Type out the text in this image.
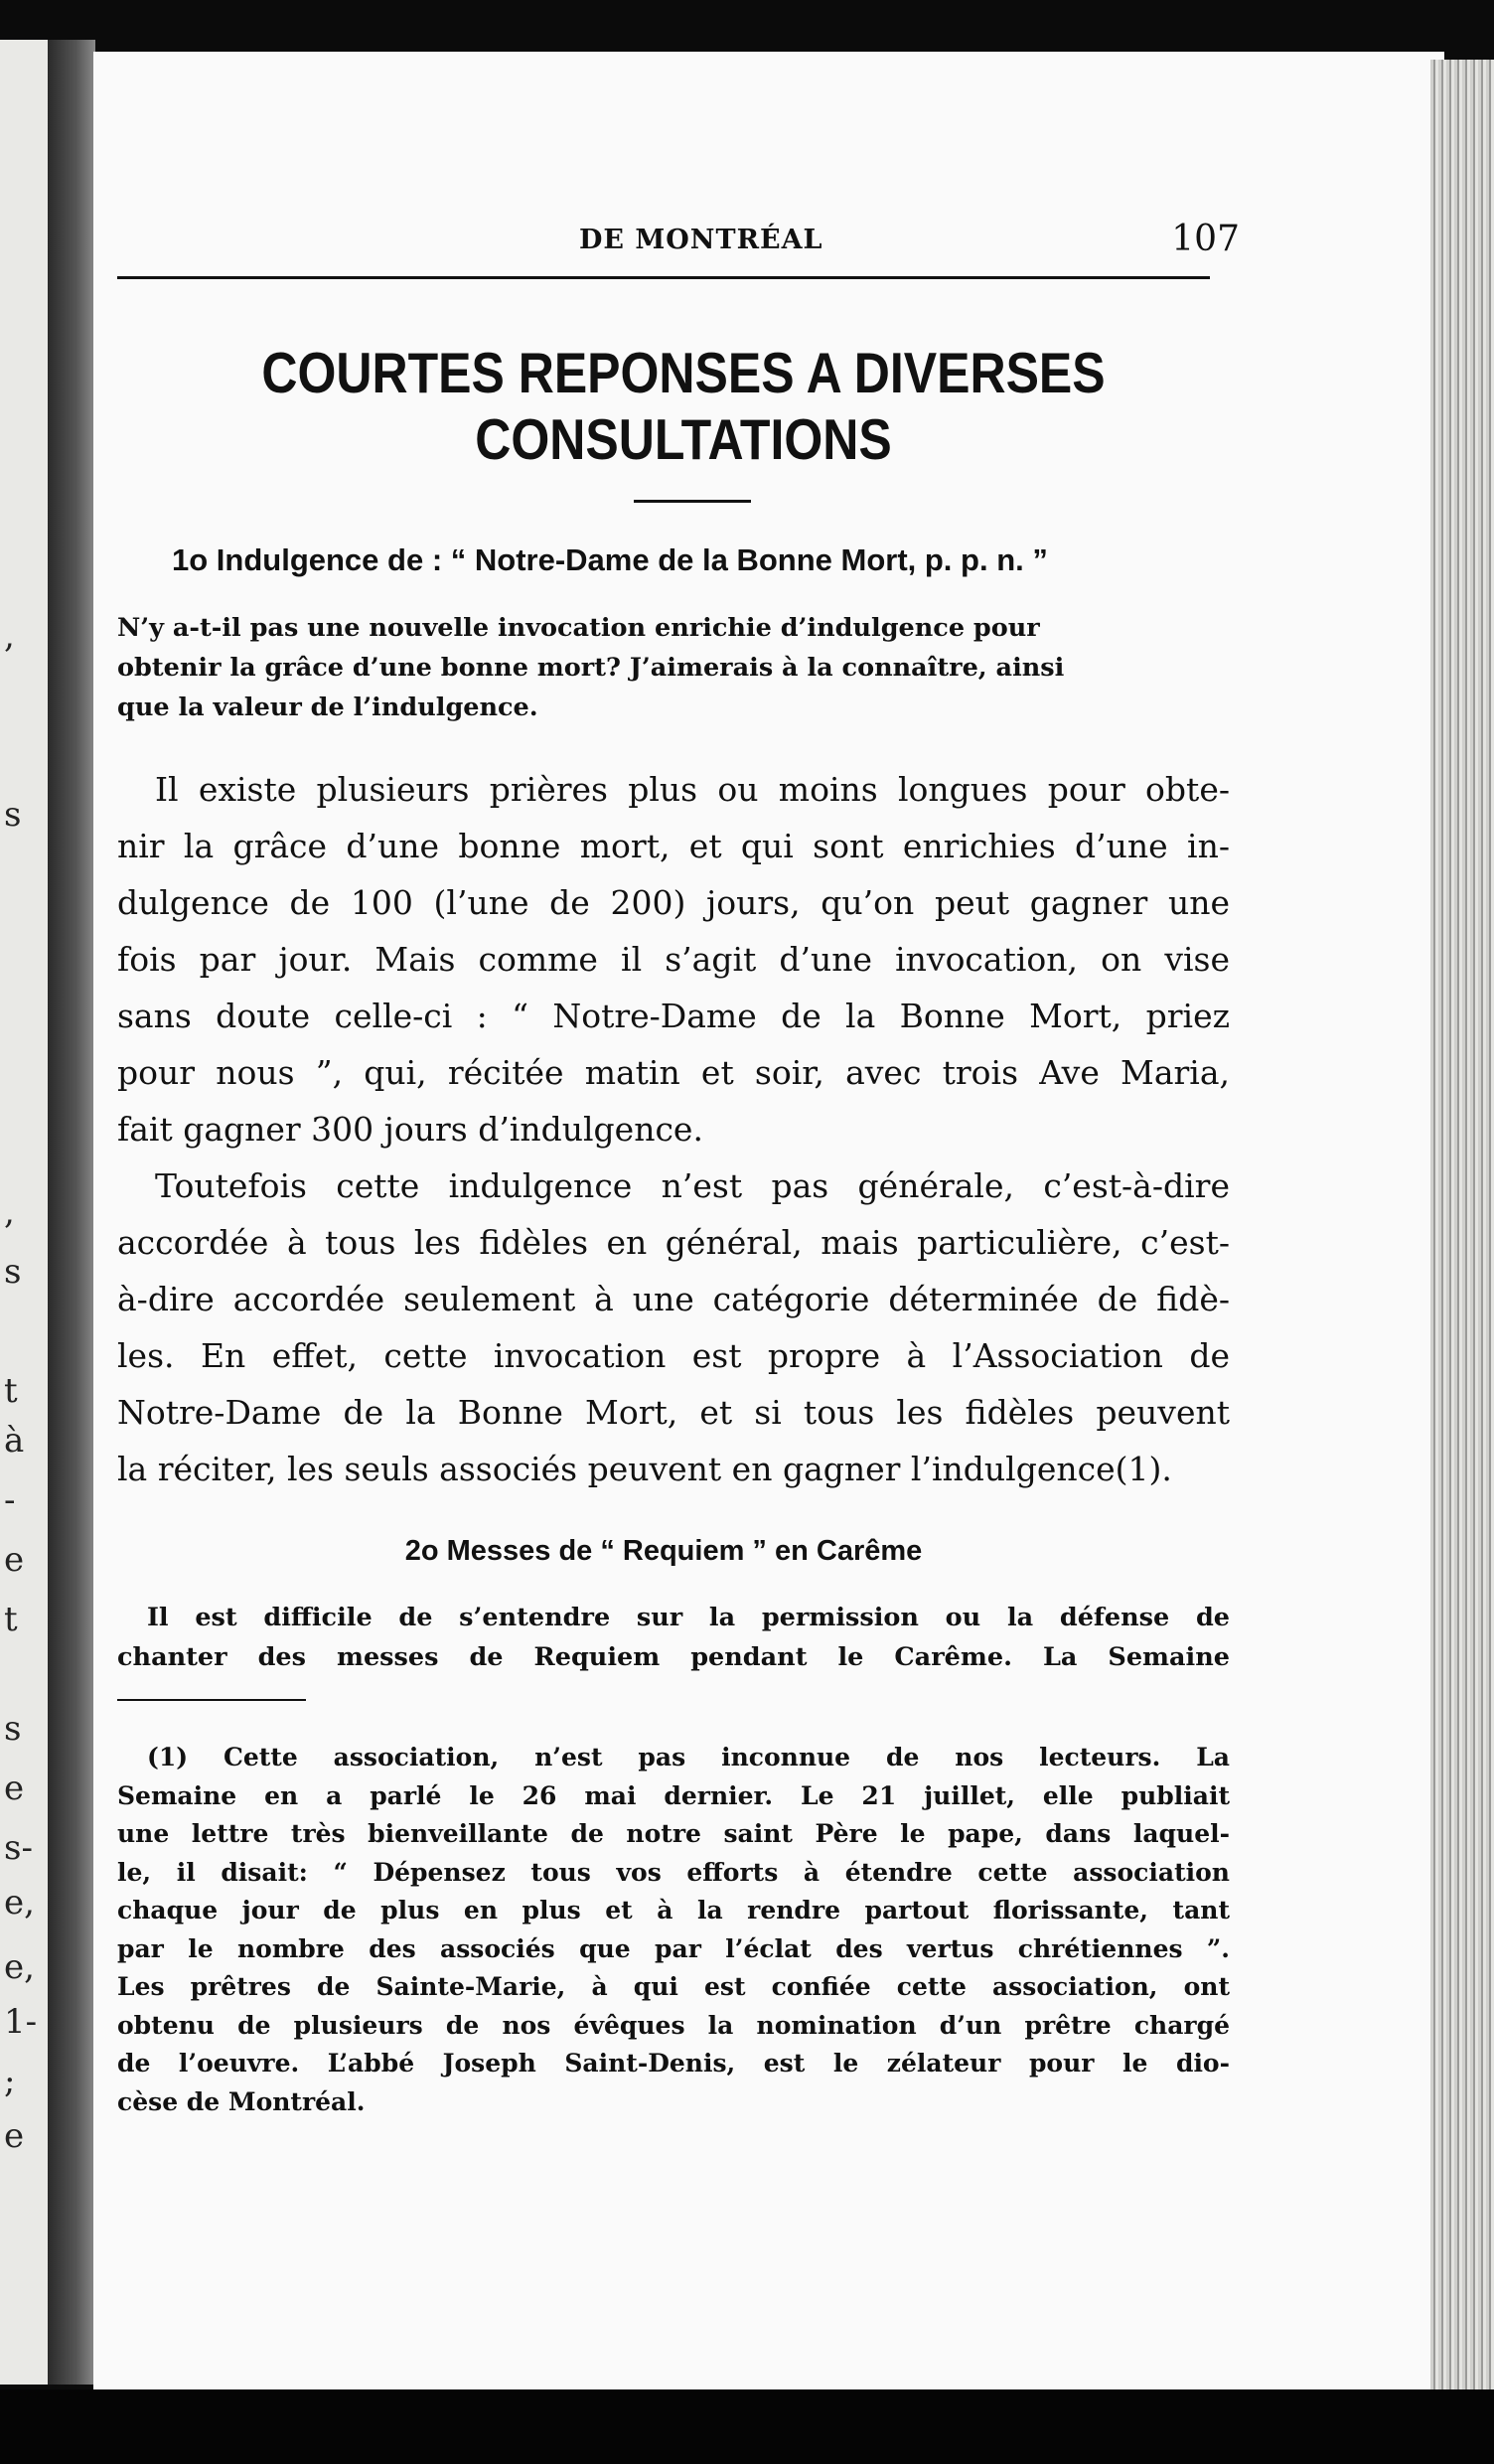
,
s
,
s
t
à
-
e
t
s
e
s-
e,
e,
1-
;
e
DE MONTRÉAL	107
COURTES REPONSES A DIVERSES CONSULTATIONS
1o Indulgence de : “ Notre-Dame de la Bonne Mort, p. p. n. ”
N’y a-t-il pas une nouvelle invocation enrichie d’indulgence pour
obtenir la grâce d’une bonne mort? J’aimerais à la connaître, ainsi
que la valeur de l’indulgence.
Il existe plusieurs prières plus ou moins longues pour obte-
nir la grâce d’une bonne mort, et qui sont enrichies d’une in-
dulgence de 100 (l’une de 200) jours, qu’on peut gagner une
fois par jour. Mais comme il s’agit d’une invocation, on vise
sans doute celle-ci : “ Notre-Dame de la Bonne Mort, priez
pour nous ”, qui, récitée matin et soir, avec trois Ave Maria,
fait gagner 300 jours d’indulgence.
Toutefois cette indulgence n’est pas générale, c’est-à-dire
accordée à tous les fidèles en général, mais particulière, c’est-
à-dire accordée seulement à une catégorie déterminée de fidè-
les. En effet, cette invocation est propre à l’Association de
Notre-Dame de la Bonne Mort, et si tous les fidèles peuvent
la réciter, les seuls associés peuvent en gagner l’indulgence(1).
2o Messes de “ Requiem ” en Carême
Il est difficile de s’entendre sur la permission ou la défense de
chanter des messes de Requiem pendant le Carême. La Semaine
(1) Cette association, n’est pas inconnue de nos lecteurs. La
Semaine en a parlé le 26 mai dernier. Le 21 juillet, elle publiait
une lettre très bienveillante de notre saint Père le pape, dans laquel-
le, il disait: “ Dépensez tous vos efforts à étendre cette association
chaque jour de plus en plus et à la rendre partout florissante, tant
par le nombre des associés que par l’éclat des vertus chrétiennes ”.
Les prêtres de Sainte-Marie, à qui est confiée cette association, ont
obtenu de plusieurs de nos évêques la nomination d’un prêtre chargé
de l’oeuvre. L’abbé Joseph Saint-Denis, est le zélateur pour le dio-
cèse de Montréal.
